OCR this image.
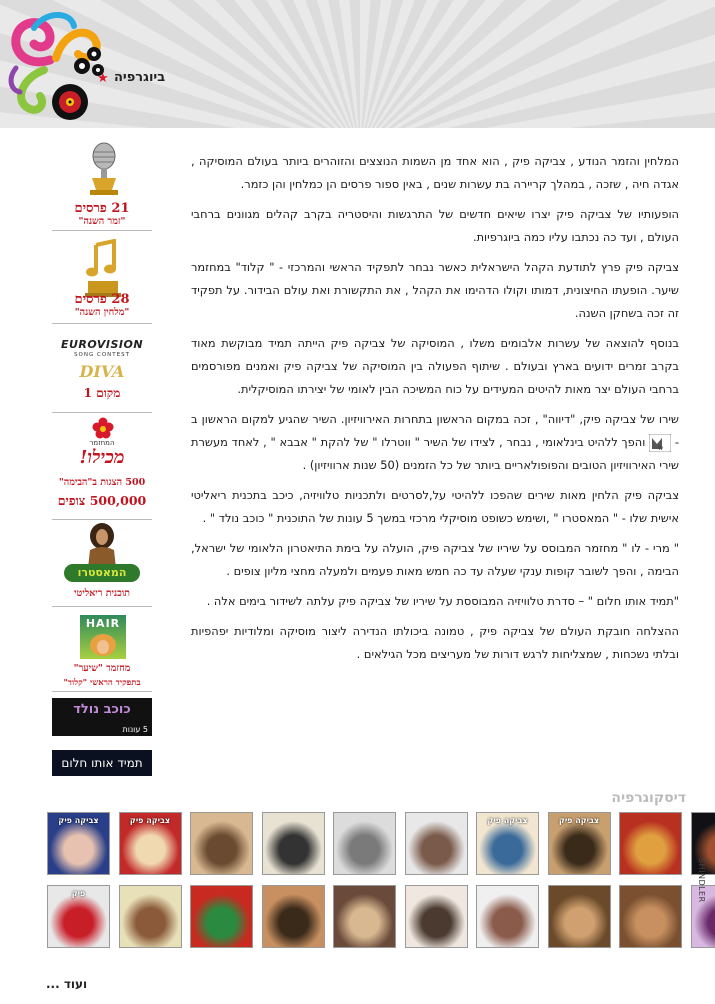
★ ביוגרפיה
21 פרסים
"זמר השנה"
28 פרסים
"מלחין השנה"
EUROVISION
SONG CONTEST
DIVA
מקום 1
המחזמר
מכילו!
500 הצגות ב"הבימה"
500,000 צופים
המאסטרו
תוכנית ריאליטי
HAIR
מחזמר "שיער"
בתפקיד הראשי "קלוד"
כוכב נולד
5 עונות
תמיד אותו חלום

המלחין והזמר הנודע , צביקה פיק , הוא אחד מן השמות הנוצצים והזוהרים ביותר בעולם המוסיקה , אגדה חיה , שזכה , במהלך קריירה בת עשרות שנים , באין ספור פרסים הן כמלחין והן כזמר.

הופעותיו של צביקה פיק יצרו שיאים חדשים של התרגשות והיסטריה בקרב קהלים מגוונים ברחבי העולם , ועד כה נכתבו עליו כמה ביוגרפיות.

צביקה פיק פרץ לתודעת הקהל הישראלית כאשר נבחר לתפקיד הראשי והמרכזי - " קלוד" במחזמר שיער. הופעתו החיצונית, דמותו וקולו הדהימו את הקהל , את התקשורת ואת עולם הבידור. על תפקיד זה זכה בשחקן השנה.

בנוסף להוצאה של עשרות אלבומים משלו , המוסיקה של צביקה פיק הייתה תמיד מבוקשת מאוד בקרב זמרים ידועים בארץ ובעולם . שיתוף הפעולה בין המוסיקה של צביקה פיק ואמנים מפורסמים ברחבי העולם יצר מאות להיטים המעידים על כוח המשיכה הבין לאומי של יצירתו המוסיקלית.

שירו של צביקה פיק, "דיווה" , זכה במקום הראשון בתחרות האירוויזיון. השיר שהגיע למקום הראשון ב -
tv
והפך ללהיט בינלאומי , נבחר , לצידו של השיר " ווטרלו " של להקת " אבבא " , לאחד מעשרת שירי האירוויזיון הטובים והפופולאריים ביותר של כל הזמנים (50 שנות ארוויזיון) .

צביקה פיק הלחין מאות שירים שהפכו ללהיטי על,לסרטים ולתכניות טלוויזיה, כיכב בתכנית ריאליטי אישית שלו - " המאסטרו " ,ושימש כשופט מוסיקלי מרכזי במשך 5 עונות של התוכנית " כוכב נולד " .

" מרי - לו " מחזמר המבוסס על שיריו של צביקה פיק, הועלה על בימת התיאטרון הלאומי של ישראל, הבימה , והפך לשובר קופות ענקי שעלה עד כה חמש מאות פעמים ולמעלה מחצי מליון צופים .

"תמיד אותו חלום " – סדרת טלוויזיה המבוססת על שיריו של צביקה פיק עלתה לשידור בימים אלה .

ההצלחה חובקת העולם של צביקה פיק , טמונה ביכולתו הנדירה ליצור מוסיקה ומלודיות יפהפיות ובלתי נשכחות , שמצליחות לרגש דורות של מעריצים מכל הגילאים .

דיסקוגרפיה
צביקה פיק	צביקה פיק	צביקה פיק	צביקה פיק
פיק	SHINDLER
ועוד ...
